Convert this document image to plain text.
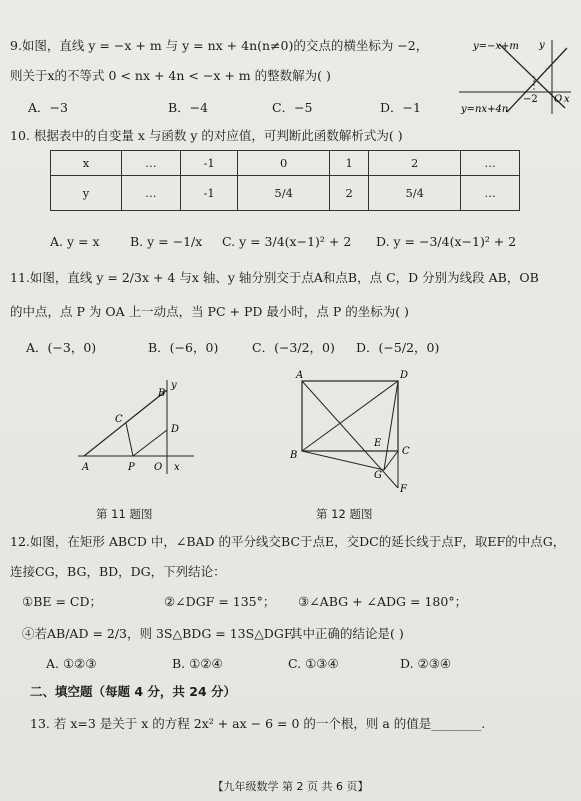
9.如图，直线 y = −x + m 与 y = nx + 4n(n≠0)的交点的横坐标为 −2，
则关于x的不等式 0 < nx + 4n < −x + m 的整数解为( )
A．−3	B．−4	C．−5	D．−1
y=−x+m y
y=nx+4n
−2 O x
10. 根据表中的自变量 x 与函数 y 的对应值，可判断此函数解析式为( )
x	…	-1	0	1	2	…
y	…	-1	5/4	2	5/4	…
A. y = x B. y = −1/x C. y = 3/4(x−1)² + 2 D. y = −3/4(x−1)² + 2
11.如图，直线 y = 2/3x + 4 与x 轴、y 轴分别交于点A和点B，点 C，D 分别为线段 AB，OB
的中点，点 P 为 OA 上一动点，当 PC + PD 最小时，点 P 的坐标为( )
A．(−3，0)	B．(−6，0)	C．(−3/2，0) D．(−5/2，0)
A	P O x
C
D
B
y
第 11 题图
A	D
B	C
E
G
F
第 12 题图
12.如图，在矩形 ABCD 中，∠BAD 的平分线交BC于点E，交DC的延长线于点F，取EF的中点G，
连接CG，BG，BD，DG，下列结论：
①BE = CD；	②∠DGF = 135°； ③∠ABG + ∠ADG = 180°；
④若AB/AD = 2/3，则 3S△BDG = 13S△DGF.
其中正确的结论是( )
A. ①②③	B. ①②④	C. ①③④	D. ②③④
二、填空题（每题 4 分，共 24 分）
13. 若 x=3 是关于 x 的方程 2x² + ax − 6 = 0 的一个根，则 a 的值是________.
【九年级数学 第 2 页 共 6 页】
